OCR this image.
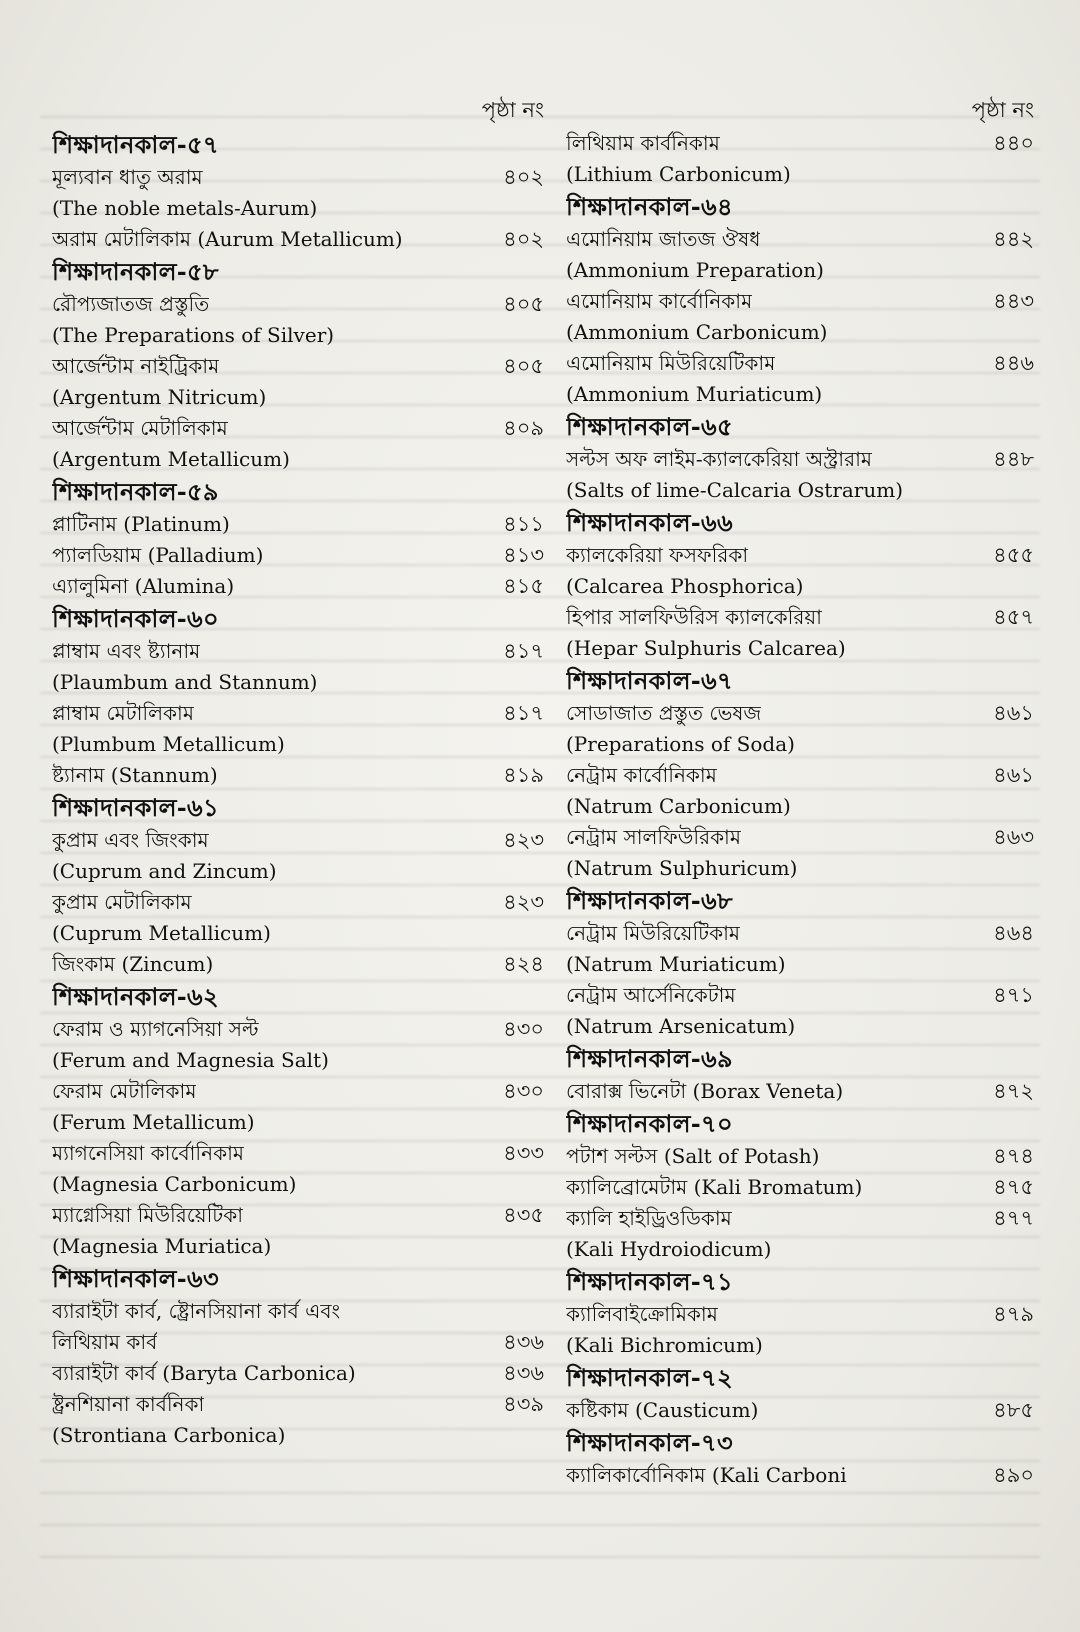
পৃষ্ঠা নং
শিক্ষাদানকাল-৫৭
মূল্যবান ধাতু অরাম	৪০২
(The noble metals-Aurum)
অরাম মেটালিকাম (Aurum Metallicum)	৪০২
শিক্ষাদানকাল-৫৮
রৌপ্যজাতজ প্রস্তুতি	৪০৫
(The Preparations of Silver)
আর্জেন্টাম নাইট্রিকাম	৪০৫
(Argentum Nitricum)
আর্জেন্টাম মেটালিকাম	৪০৯
(Argentum Metallicum)
শিক্ষাদানকাল-৫৯
প্লাটিনাম (Platinum)	৪১১
প্যালডিয়াম (Palladium)	৪১৩
এ্যালুমিনা (Alumina)	৪১৫
শিক্ষাদানকাল-৬০
প্লাম্বাম এবং ষ্ট্যানাম	৪১৭
(Plaumbum and Stannum)
প্লাম্বাম মেটালিকাম	৪১৭
(Plumbum Metallicum)
ষ্ট্যানাম (Stannum)	৪১৯
শিক্ষাদানকাল-৬১
কুপ্রাম এবং জিংকাম	৪২৩
(Cuprum and Zincum)
কুপ্রাম মেটালিকাম	৪২৩
(Cuprum Metallicum)
জিংকাম (Zincum)	৪২৪
শিক্ষাদানকাল-৬২
ফেরাম ও ম্যাগনেসিয়া সল্ট	৪৩০
(Ferum and Magnesia Salt)
ফেরাম মেটালিকাম	৪৩০
(Ferum Metallicum)
ম্যাগনেসিয়া কার্বোনিকাম	৪৩৩
(Magnesia Carbonicum)
ম্যাগ্নেসিয়া মিউরিয়েটিকা	৪৩৫
(Magnesia Muriatica)
শিক্ষাদানকাল-৬৩
ব্যারাইটা কার্ব, ষ্ট্রোনসিয়ানা কার্ব এবং
লিথিয়াম কার্ব	৪৩৬
ব্যারাইটা কার্ব (Baryta Carbonica)	৪৩৬
ষ্ট্রনশিয়ানা কার্বনিকা	৪৩৯
(Strontiana Carbonica)
পৃষ্ঠা নং
লিথিয়াম কার্বনিকাম	৪৪০
(Lithium Carbonicum)
শিক্ষাদানকাল-৬৪
এমোনিয়াম জাতজ ঔষধ	৪৪২
(Ammonium Preparation)
এমোনিয়াম কার্বোনিকাম	৪৪৩
(Ammonium Carbonicum)
এমোনিয়াম মিউরিয়েটিকাম	৪৪৬
(Ammonium Muriaticum)
শিক্ষাদানকাল-৬৫
সল্টস অফ লাইম-ক্যালকেরিয়া অস্ট্রারাম	৪৪৮
(Salts of lime-Calcaria Ostrarum)
শিক্ষাদানকাল-৬৬
ক্যালকেরিয়া ফসফরিকা	৪৫৫
(Calcarea Phosphorica)
হিপার সালফিউরিস ক্যালকেরিয়া	৪৫৭
(Hepar Sulphuris Calcarea)
শিক্ষাদানকাল-৬৭
সোডাজাত প্রস্তুত ভেষজ	৪৬১
(Preparations of Soda)
নেট্রাম কার্বোনিকাম	৪৬১
(Natrum Carbonicum)
নেট্রাম সালফিউরিকাম	৪৬৩
(Natrum Sulphuricum)
শিক্ষাদানকাল-৬৮
নেট্রাম মিউরিয়েটিকাম	৪৬৪
(Natrum Muriaticum)
নেট্রাম আর্সেনিকেটাম	৪৭১
(Natrum Arsenicatum)
শিক্ষাদানকাল-৬৯
বোরাক্স ভিনেটা (Borax Veneta)	৪৭২
শিক্ষাদানকাল-৭০
পটাশ সল্টস (Salt of Potash)	৪৭৪
ক্যালিব্রোমেটাম (Kali Bromatum)	৪৭৫
ক্যালি হাইড্রিওডিকাম	৪৭৭
(Kali Hydroiodicum)
শিক্ষাদানকাল-৭১
ক্যালিবাইক্রোমিকাম	৪৭৯
(Kali Bichromicum)
শিক্ষাদানকাল-৭২
কষ্টিকাম (Causticum)	৪৮৫
শিক্ষাদানকাল-৭৩
ক্যালিকার্বোনিকাম (Kali Carboni	৪৯০
